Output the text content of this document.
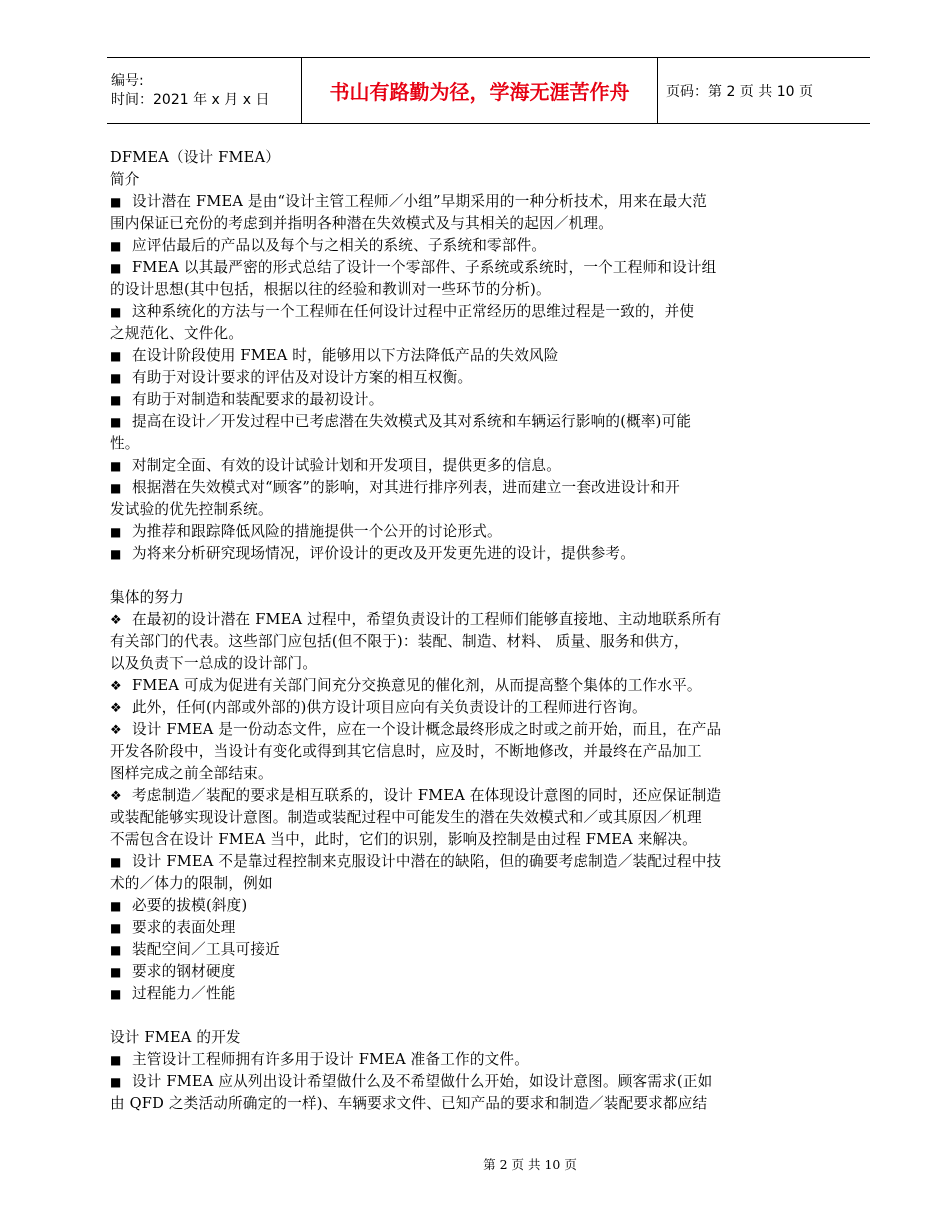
编号:
时间：2021 年 x 月 x 日	书山有路勤为径，学海无涯苦作舟	页码：第 2 页 共 10 页
DFMEA（设计 FMEA）
简介
■ 设计潜在 FMEA 是由“设计主管工程师／小组”早期采用的一种分析技术，用来在最大范
围内保证已充份的考虑到并指明各种潜在失效模式及与其相关的起因／机理。
■ 应评估最后的产品以及每个与之相关的系统、子系统和零部件。
■ FMEA 以其最严密的形式总结了设计一个零部件、子系统或系统时，一个工程师和设计组
的设计思想(其中包括，根据以往的经验和教训对一些环节的分析)。
■ 这种系统化的方法与一个工程师在任何设计过程中正常经历的思维过程是一致的，并使
之规范化、文件化。
■ 在设计阶段使用 FMEA 时，能够用以下方法降低产品的失效风险
■ 有助于对设计要求的评估及对设计方案的相互权衡。
■ 有助于对制造和装配要求的最初设计。
■ 提高在设计／开发过程中已考虑潜在失效模式及其对系统和车辆运行影响的(概率)可能
性。
■ 对制定全面、有效的设计试验计划和开发项目，提供更多的信息。
■ 根据潜在失效模式对“顾客”的影响，对其进行排序列表，进而建立一套改进设计和开
发试验的优先控制系统。
■ 为推荐和跟踪降低风险的措施提供一个公开的讨论形式。
■ 为将来分析研究现场情况，评价设计的更改及开发更先进的设计，提供参考。
集体的努力
❖ 在最初的设计潜在 FMEA 过程中，希望负责设计的工程师们能够直接地、主动地联系所有
有关部门的代表。这些部门应包括(但不限于)：装配、制造、材料、 质量、服务和供方，
以及负责下一总成的设计部门。
❖ FMEA 可成为促进有关部门间充分交换意见的催化剂，从而提高整个集体的工作水平。
❖ 此外，任何(内部或外部的)供方设计项目应向有关负责设计的工程师进行咨询。
❖ 设计 FMEA 是一份动态文件，应在一个设计概念最终形成之时或之前开始，而且，在产品
开发各阶段中，当设计有变化或得到其它信息时，应及时，不断地修改，并最终在产品加工
图样完成之前全部结束。
❖ 考虑制造／装配的要求是相互联系的，设计 FMEA 在体现设计意图的同时，还应保证制造
或装配能够实现设计意图。制造或装配过程中可能发生的潜在失效模式和／或其原因／机理
不需包含在设计 FMEA 当中，此时，它们的识别，影响及控制是由过程 FMEA 来解决。
■ 设计 FMEA 不是靠过程控制来克服设计中潜在的缺陷，但的确要考虑制造／装配过程中技
术的／体力的限制，例如
■ 必要的拔模(斜度)
■ 要求的表面处理
■ 装配空间／工具可接近
■ 要求的钢材硬度
■ 过程能力／性能
设计 FMEA 的开发
■ 主管设计工程师拥有许多用于设计 FMEA 准备工作的文件。
■ 设计 FMEA 应从列出设计希望做什么及不希望做什么开始，如设计意图。顾客需求(正如
由 QFD 之类活动所确定的一样)、车辆要求文件、已知产品的要求和制造／装配要求都应结
第 2 页 共 10 页
